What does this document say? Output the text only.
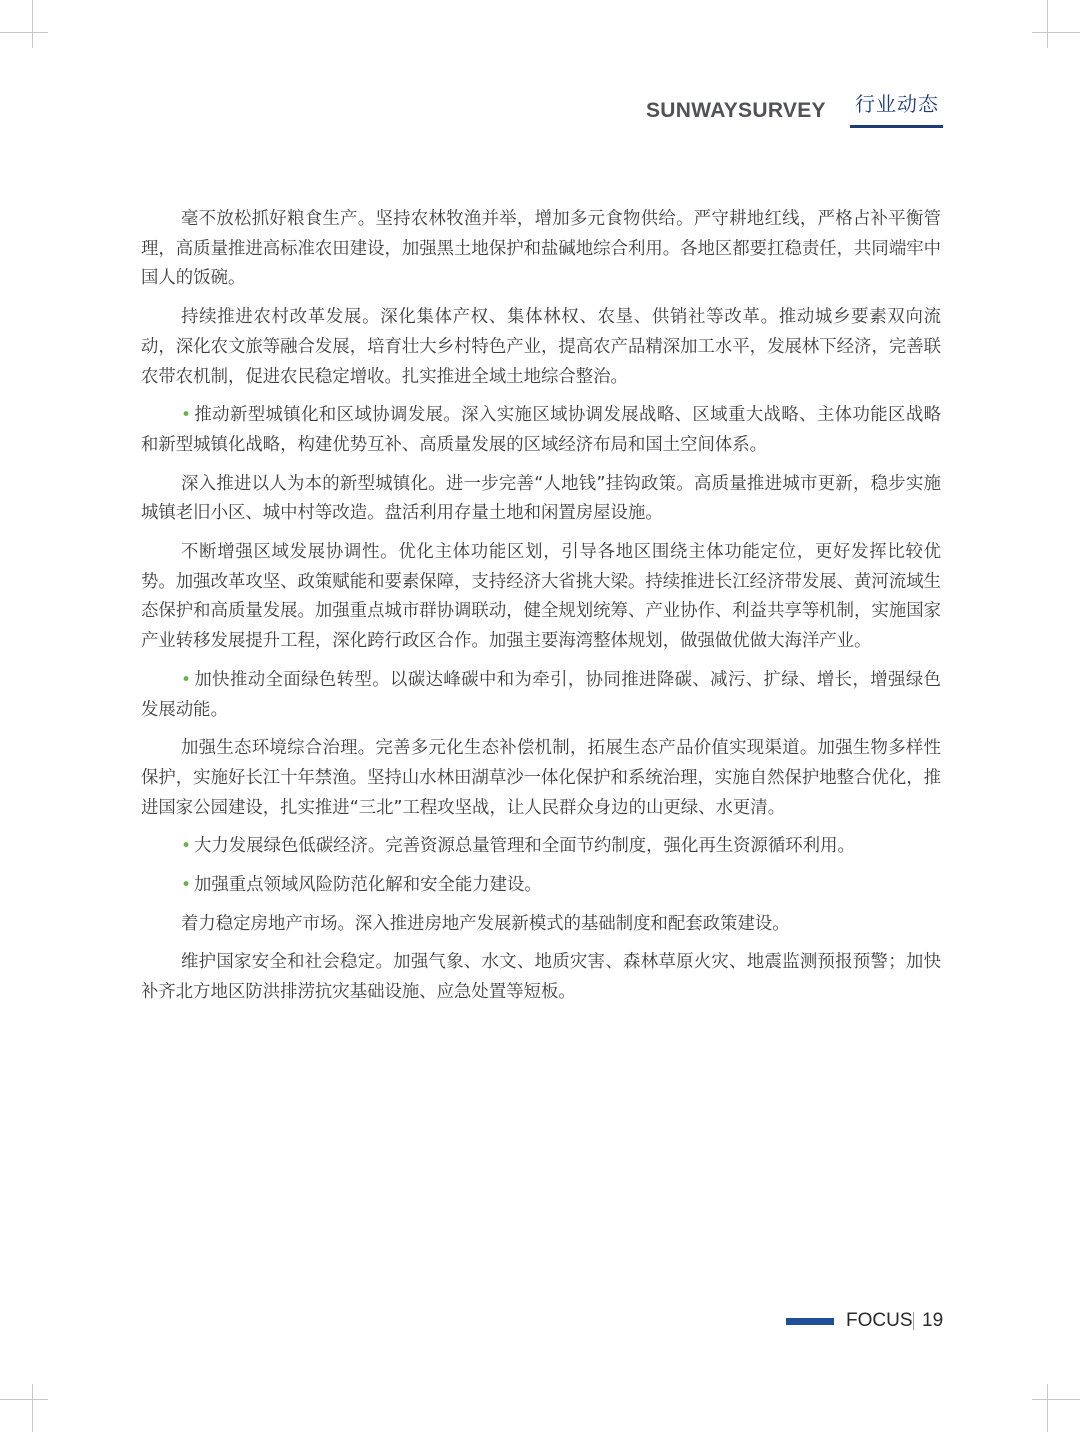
SUNWAYSURVEY 行业动态

毫不放松抓好粮食生产。坚持农林牧渔并举，增加多元食物供给。严守耕地红线，严格占补平衡管理，高质量推进高标准农田建设，加强黑土地保护和盐碱地综合利用。各地区都要扛稳责任，共同端牢中国人的饭碗。

持续推进农村改革发展。深化集体产权、集体林权、农垦、供销社等改革。推动城乡要素双向流动，深化农文旅等融合发展，培育壮大乡村特色产业，提高农产品精深加工水平，发展林下经济，完善联农带农机制，促进农民稳定增收。扎实推进全域土地综合整治。

• 推动新型城镇化和区域协调发展。深入实施区域协调发展战略、区域重大战略、主体功能区战略和新型城镇化战略，构建优势互补、高质量发展的区域经济布局和国土空间体系。

深入推进以人为本的新型城镇化。进一步完善“人地钱”挂钩政策。高质量推进城市更新，稳步实施城镇老旧小区、城中村等改造。盘活利用存量土地和闲置房屋设施。

不断增强区域发展协调性。优化主体功能区划，引导各地区围绕主体功能定位，更好发挥比较优势。加强改革攻坚、政策赋能和要素保障，支持经济大省挑大梁。持续推进长江经济带发展、黄河流域生态保护和高质量发展。加强重点城市群协调联动，健全规划统筹、产业协作、利益共享等机制，实施国家产业转移发展提升工程，深化跨行政区合作。加强主要海湾整体规划，做强做优做大海洋产业。

• 加快推动全面绿色转型。以碳达峰碳中和为牵引，协同推进降碳、减污、扩绿、增长，增强绿色发展动能。

加强生态环境综合治理。完善多元化生态补偿机制，拓展生态产品价值实现渠道。加强生物多样性保护，实施好长江十年禁渔。坚持山水林田湖草沙一体化保护和系统治理，实施自然保护地整合优化，推进国家公园建设，扎实推进“三北”工程攻坚战，让人民群众身边的山更绿、水更清。

• 大力发展绿色低碳经济。完善资源总量管理和全面节约制度，强化再生资源循环利用。

• 加强重点领域风险防范化解和安全能力建设。

着力稳定房地产市场。深入推进房地产发展新模式的基础制度和配套政策建设。

维护国家安全和社会稳定。加强气象、水文、地质灾害、森林草原火灾、地震监测预报预警；加快补齐北方地区防洪排涝抗灾基础设施、应急处置等短板。

FOCUS 19
